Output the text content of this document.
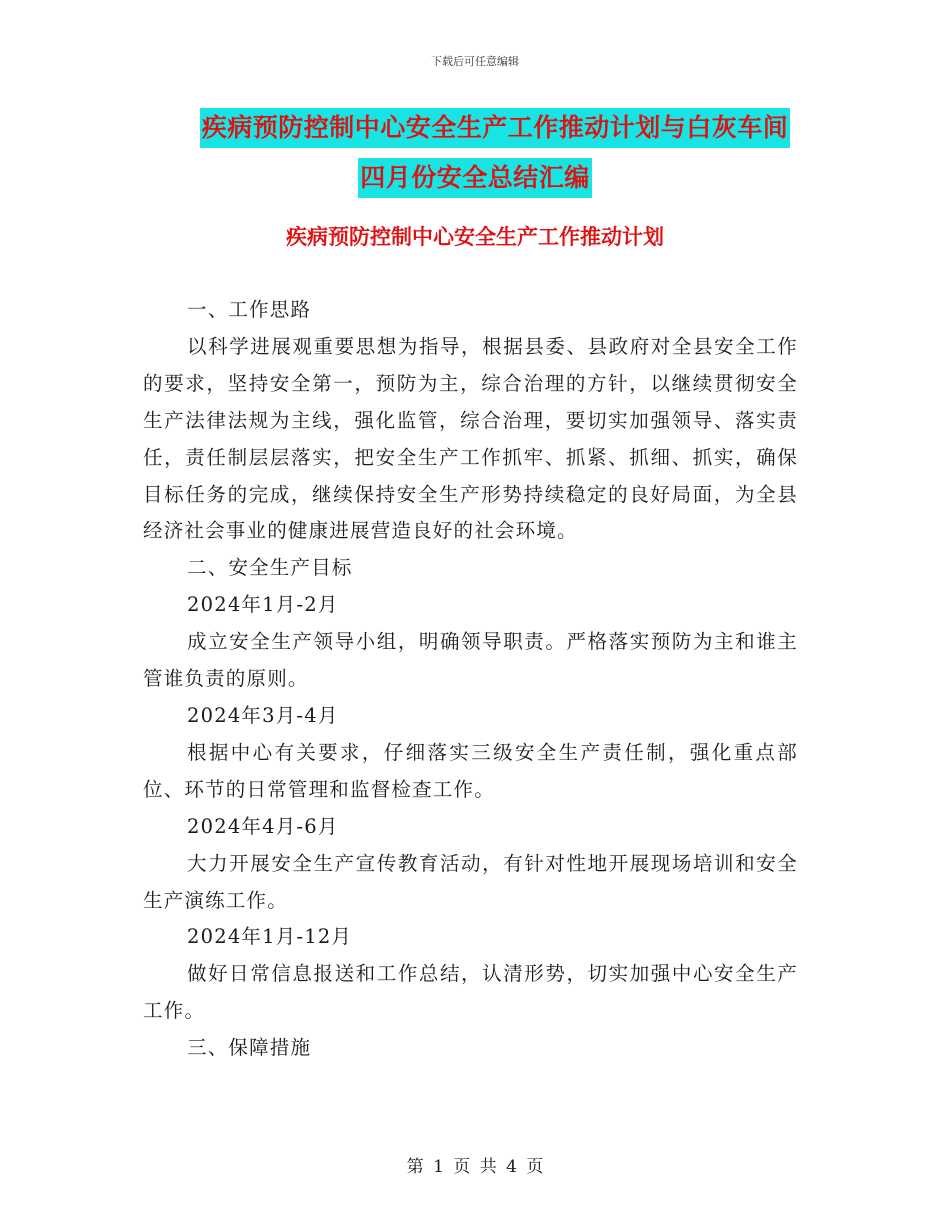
下载后可任意编辑
疾病预防控制中心安全生产工作推动计划与白灰车间
四月份安全总结汇编
疾病预防控制中心安全生产工作推动计划

一、工作思路

以科学进展观重要思想为指导，根据县委、县政府对全县安全工作的要求，坚持安全第一，预防为主，综合治理的方针，以继续贯彻安全生产法律法规为主线，强化监管，综合治理，要切实加强领导、落实责任，责任制层层落实，把安全生产工作抓牢、抓紧、抓细、抓实，确保目标任务的完成，继续保持安全生产形势持续稳定的良好局面，为全县经济社会事业的健康进展营造良好的社会环境。

二、安全生产目标

2024年1月-2月

成立安全生产领导小组，明确领导职责。严格落实预防为主和谁主管谁负责的原则。

2024年3月-4月

根据中心有关要求，仔细落实三级安全生产责任制，强化重点部位、环节的日常管理和监督检查工作。

2024年4月-6月

大力开展安全生产宣传教育活动，有针对性地开展现场培训和安全生产演练工作。

2024年1月-12月

做好日常信息报送和工作总结，认清形势，切实加强中心安全生产工作。

三、保障措施

第 1 页 共 4 页
